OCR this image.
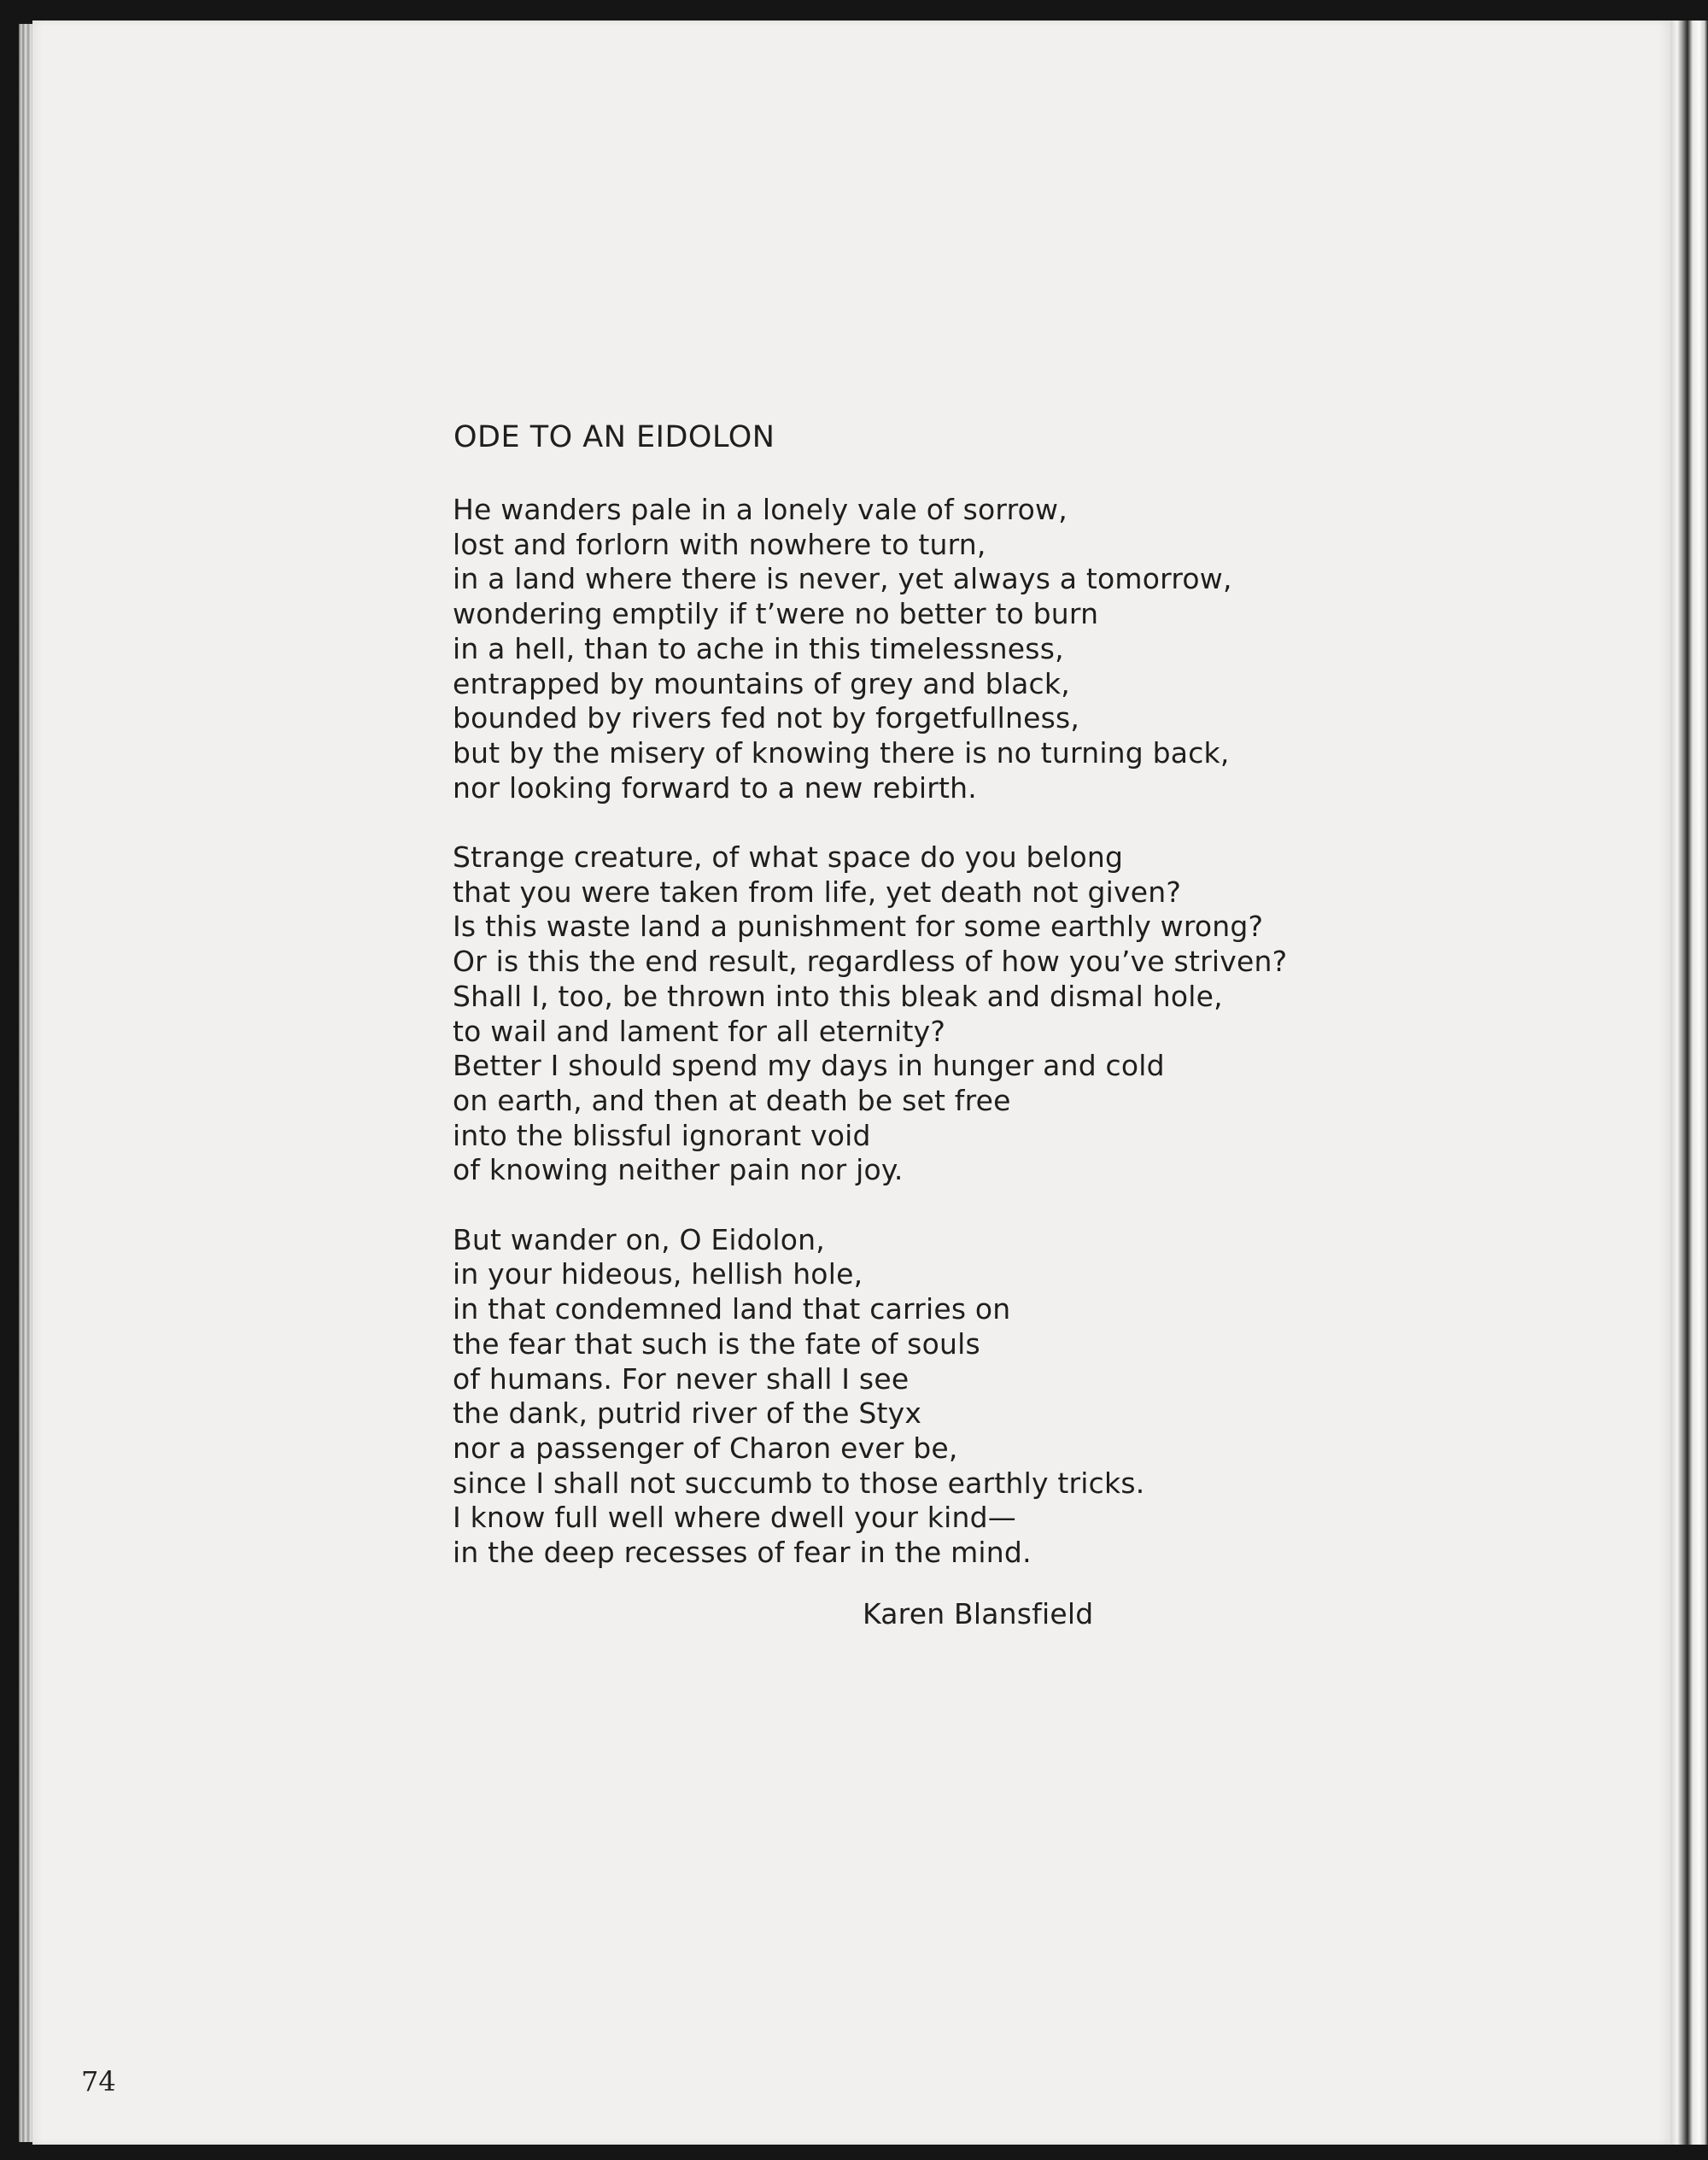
ODE TO AN EIDOLON
He wanders pale in a lonely vale of sorrow,
lost and forlorn with nowhere to turn,
in a land where there is never, yet always a tomorrow,
wondering emptily if t’were no better to burn
in a hell, than to ache in this timelessness,
entrapped by mountains of grey and black,
bounded by rivers fed not by forgetfullness,
but by the misery of knowing there is no turning back,
nor looking forward to a new rebirth.
Strange creature, of what space do you belong
that you were taken from life, yet death not given?
Is this waste land a punishment for some earthly wrong?
Or is this the end result, regardless of how you’ve striven?
Shall I, too, be thrown into this bleak and dismal hole,
to wail and lament for all eternity?
Better I should spend my days in hunger and cold
on earth, and then at death be set free
into the blissful ignorant void
of knowing neither pain nor joy.
But wander on, O Eidolon,
in your hideous, hellish hole,
in that condemned land that carries on
the fear that such is the fate of souls
of humans. For never shall I see
the dank, putrid river of the Styx
nor a passenger of Charon ever be,
since I shall not succumb to those earthly tricks.
I know full well where dwell your kind—
in the deep recesses of fear in the mind.
Karen Blansfield
74
